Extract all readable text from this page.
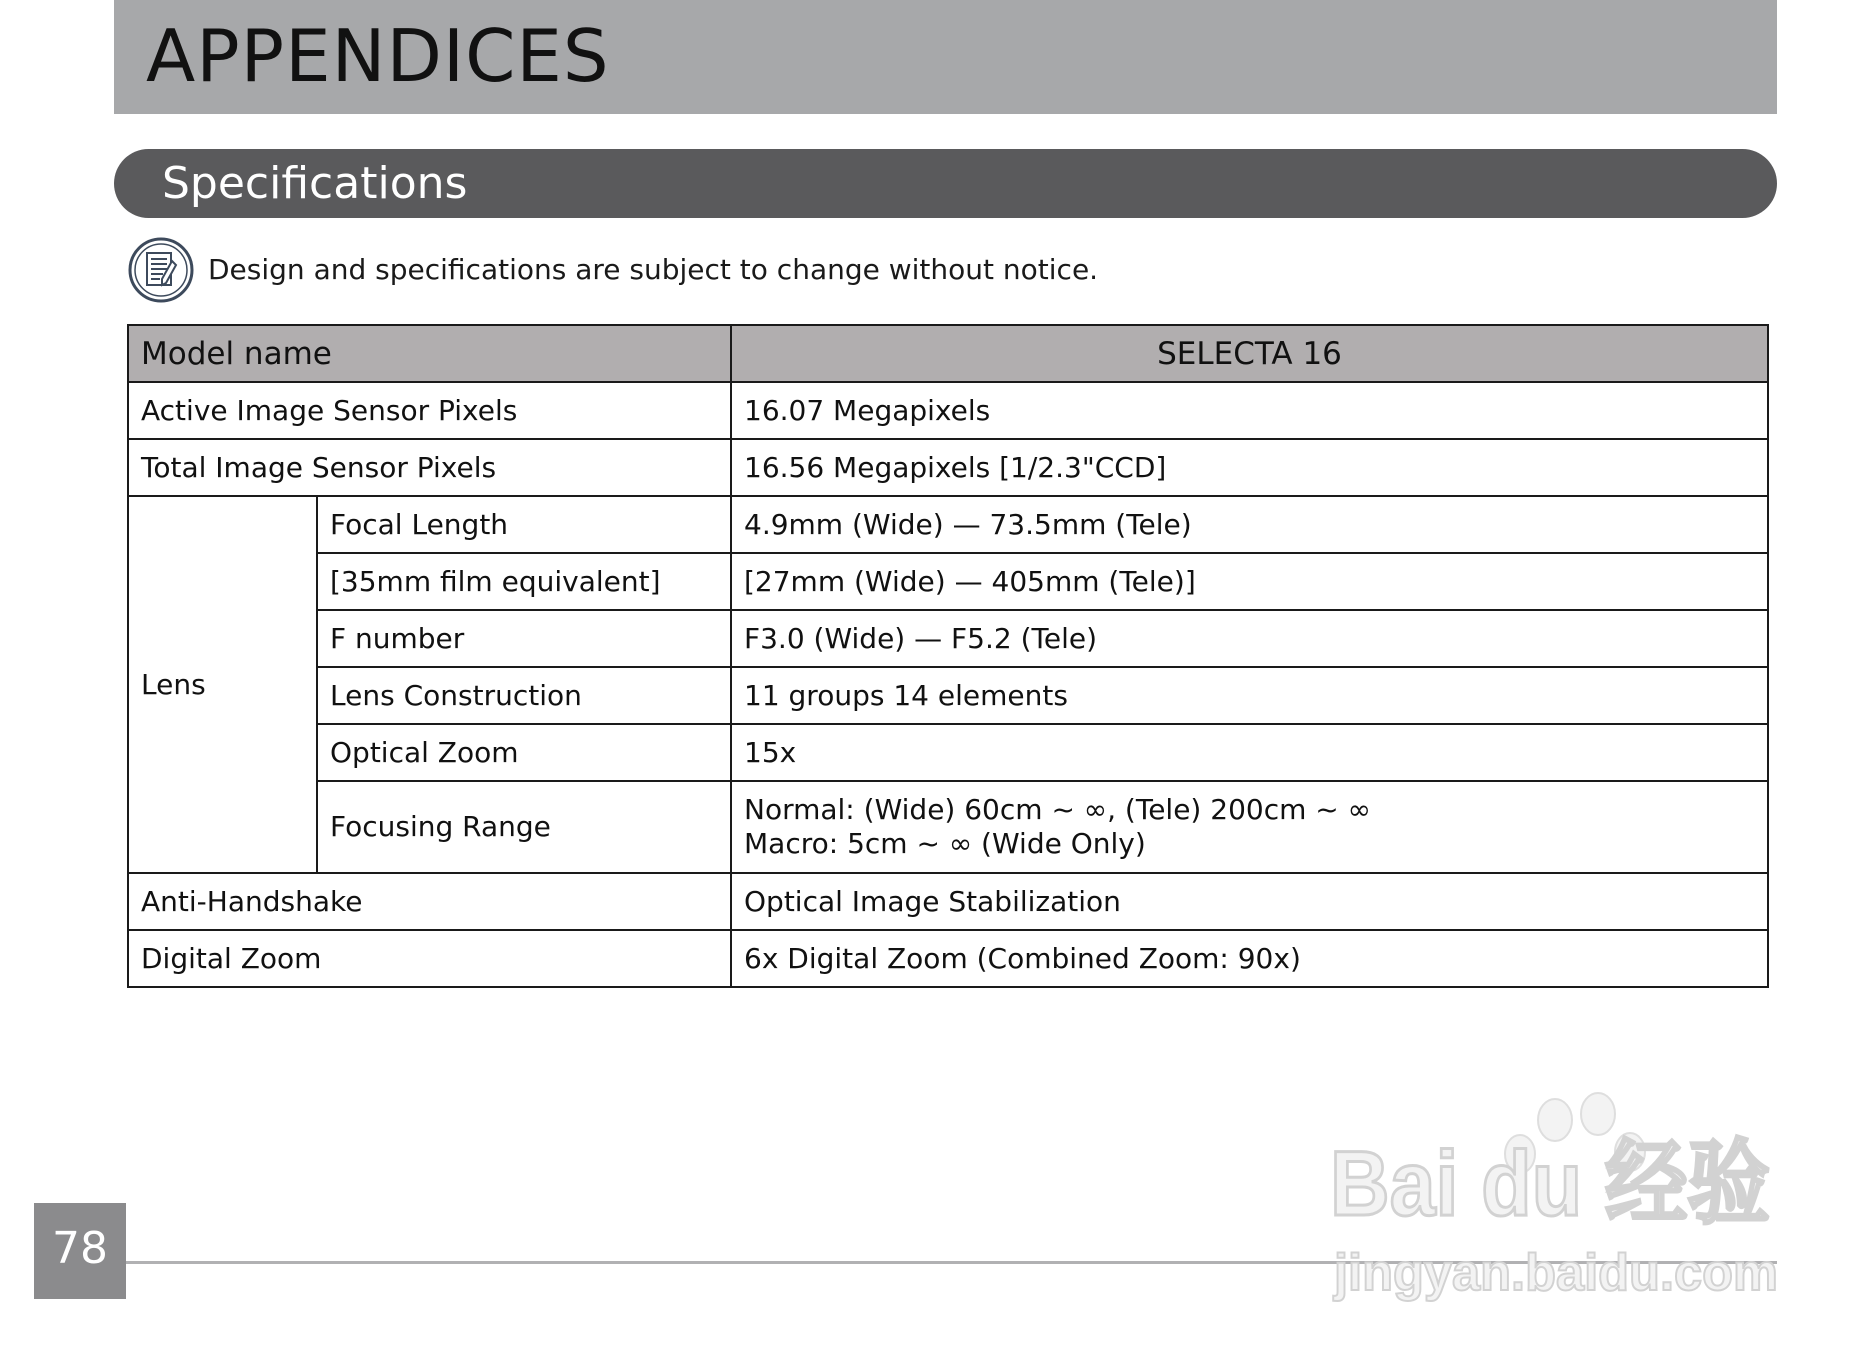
APPENDICES
Specifications
Design and specifications are subject to change without notice.
Model name		SELECTA 16
Active Image Sensor Pixels		16.07 Megapixels
Total Image Sensor Pixels		16.56 Megapixels [1/2.3"CCD]
Lens	Focal Length	4.9mm (Wide) — 73.5mm (Tele)
	[35mm film equivalent]	[27mm (Wide) — 405mm (Tele)]
	F number	F3.0 (Wide) — F5.2 (Tele)
	Lens Construction	11 groups 14 elements
	Optical Zoom	15x
	Focusing Range	Normal: (Wide) 60cm ~ ∞, (Tele) 200cm ~ ∞
Macro: 5cm ~ ∞ (Wide Only)

Anti-Handshake		Optical Image Stabilization
Digital Zoom		6x Digital Zoom (Combined Zoom: 90x)
78
Bai du 经验
jingyan.baidu.com
